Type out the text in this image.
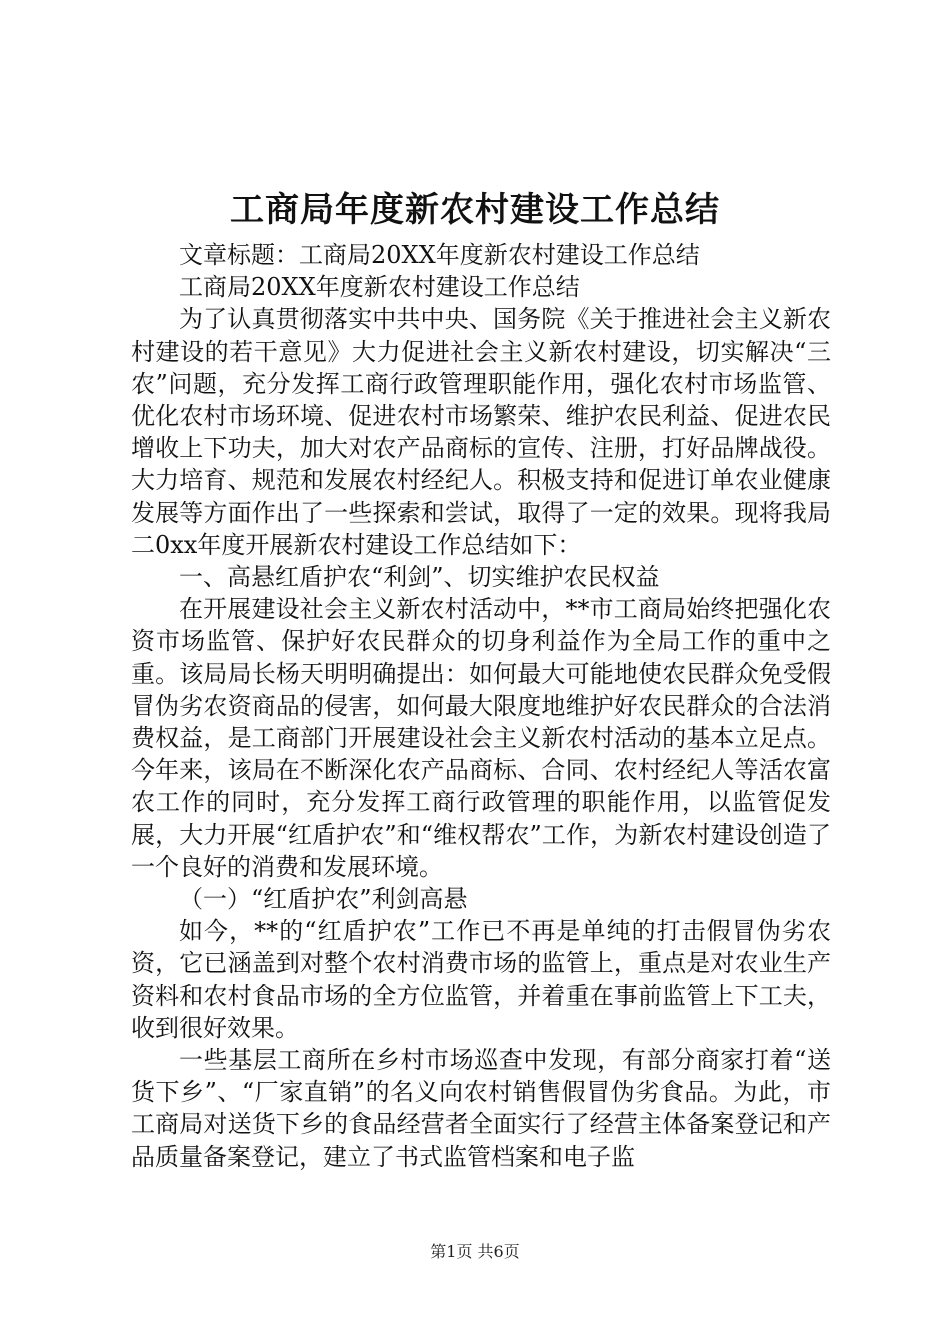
工商局年度新农村建设工作总结

文章标题：工商局20XX年度新农村建设工作总结

工商局20XX年度新农村建设工作总结

为了认真贯彻落实中共中央、国务院《关于推进社会主义新农村建设的若干意见》大力促进社会主义新农村建设，切实解决“三农”问题，充分发挥工商行政管理职能作用，强化农村市场监管、优化农村市场环境、促进农村市场繁荣、维护农民利益、促进农民增收上下功夫，加大对农产品商标的宣传、注册，打好品牌战役。大力培育、规范和发展农村经纪人。积极支持和促进订单农业健康发展等方面作出了一些探索和尝试，取得了一定的效果。现将我局二0xx年度开展新农村建设工作总结如下：

一、高悬红盾护农“利剑”、切实维护农民权益

在开展建设社会主义新农村活动中，**市工商局始终把强化农资市场监管、保护好农民群众的切身利益作为全局工作的重中之重。该局局长杨天明明确提出：如何最大可能地使农民群众免受假冒伪劣农资商品的侵害，如何最大限度地维护好农民群众的合法消费权益，是工商部门开展建设社会主义新农村活动的基本立足点。今年来，该局在不断深化农产品商标、合同、农村经纪人等活农富农工作的同时，充分发挥工商行政管理的职能作用，以监管促发展，大力开展“红盾护农”和“维权帮农”工作，为新农村建设创造了一个良好的消费和发展环境。

（一）“红盾护农”利剑高悬

如今，**的“红盾护农”工作已不再是单纯的打击假冒伪劣农资，它已涵盖到对整个农村消费市场的监管上，重点是对农业生产资料和农村食品市场的全方位监管，并着重在事前监管上下工夫，收到很好效果。

一些基层工商所在乡村市场巡查中发现，有部分商家打着“送货下乡”、“厂家直销”的名义向农村销售假冒伪劣食品。为此，市工商局对送货下乡的食品经营者全面实行了经营主体备案登记和产品质量备案登记，建立了书式监管档案和电子监

第1页 共6页
